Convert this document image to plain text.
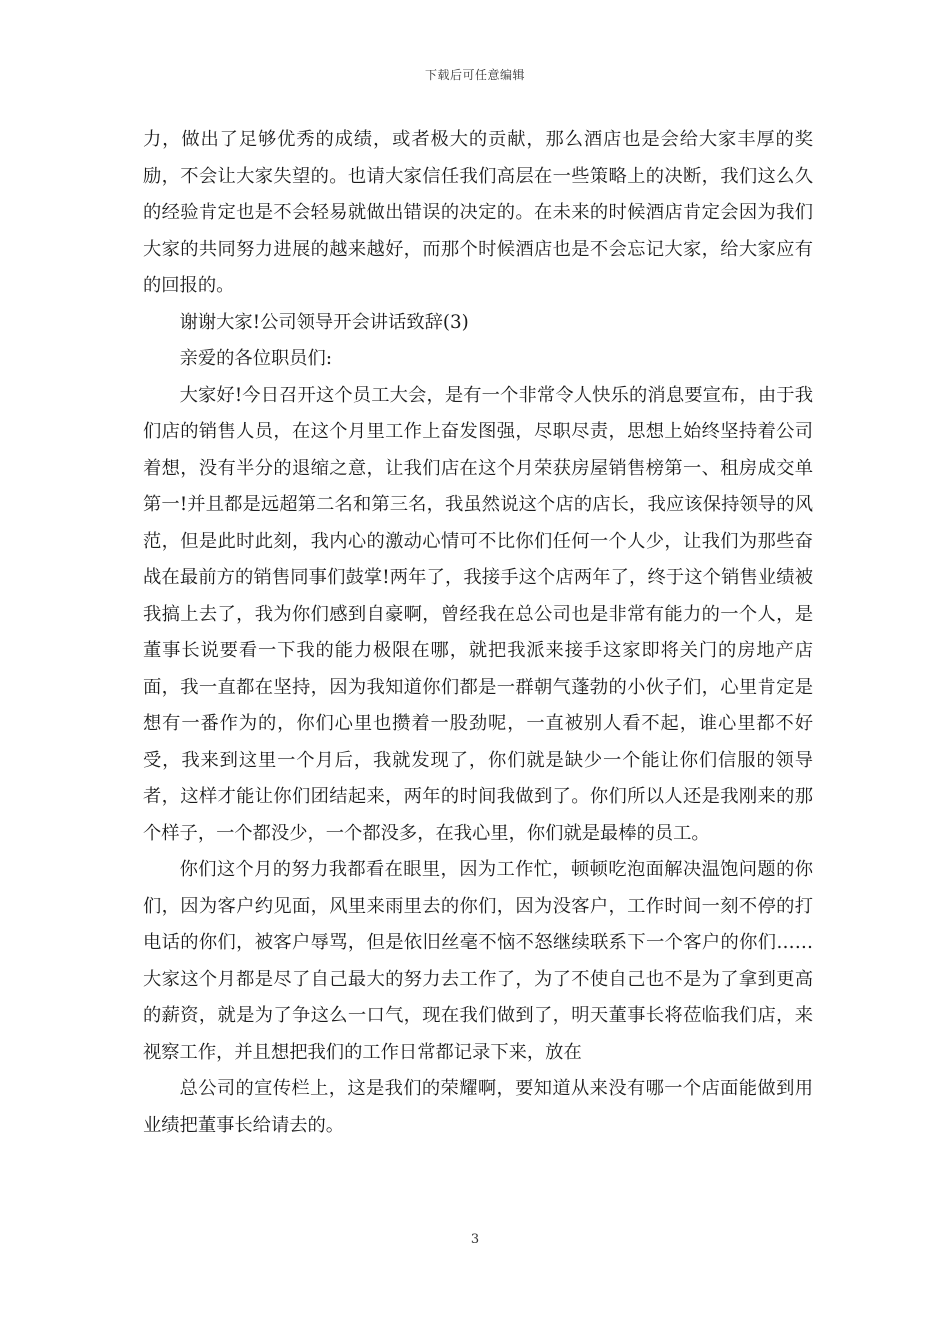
下载后可任意编辑

力，做出了足够优秀的成绩，或者极大的贡献，那么酒店也是会给大家丰厚的奖励，不会让大家失望的。也请大家信任我们高层在一些策略上的决断，我们这么久的经验肯定也是不会轻易就做出错误的决定的。在未来的时候酒店肯定会因为我们大家的共同努力进展的越来越好，而那个时候酒店也是不会忘记大家，给大家应有的回报的。

谢谢大家!公司领导开会讲话致辞(3)

亲爱的各位职员们:

大家好!今日召开这个员工大会，是有一个非常令人快乐的消息要宣布，由于我们店的销售人员，在这个月里工作上奋发图强，尽职尽责，思想上始终坚持着公司着想，没有半分的退缩之意，让我们店在这个月荣获房屋销售榜第一、租房成交单第一!并且都是远超第二名和第三名，我虽然说这个店的店长，我应该保持领导的风范，但是此时此刻，我内心的激动心情可不比你们任何一个人少，让我们为那些奋战在最前方的销售同事们鼓掌!两年了，我接手这个店两年了，终于这个销售业绩被我搞上去了，我为你们感到自豪啊，曾经我在总公司也是非常有能力的一个人，是董事长说要看一下我的能力极限在哪，就把我派来接手这家即将关门的房地产店面，我一直都在坚持，因为我知道你们都是一群朝气蓬勃的小伙子们，心里肯定是想有一番作为的，你们心里也攒着一股劲呢，一直被别人看不起，谁心里都不好受，我来到这里一个月后，我就发现了，你们就是缺少一个能让你们信服的领导者，这样才能让你们团结起来，两年的时间我做到了。你们所以人还是我刚来的那个样子，一个都没少，一个都没多，在我心里，你们就是最棒的员工。

你们这个月的努力我都看在眼里，因为工作忙，顿顿吃泡面解决温饱问题的你们，因为客户约见面，风里来雨里去的你们，因为没客户，工作时间一刻不停的打电话的你们，被客户辱骂，但是依旧丝毫不恼不怒继续联系下一个客户的你们……大家这个月都是尽了自己最大的努力去工作了，为了不使自己也不是为了拿到更高的薪资，就是为了争这么一口气，现在我们做到了，明天董事长将莅临我们店，来视察工作，并且想把我们的工作日常都记录下来，放在

总公司的宣传栏上，这是我们的荣耀啊，要知道从来没有哪一个店面能做到用业绩把董事长给请去的。

3
